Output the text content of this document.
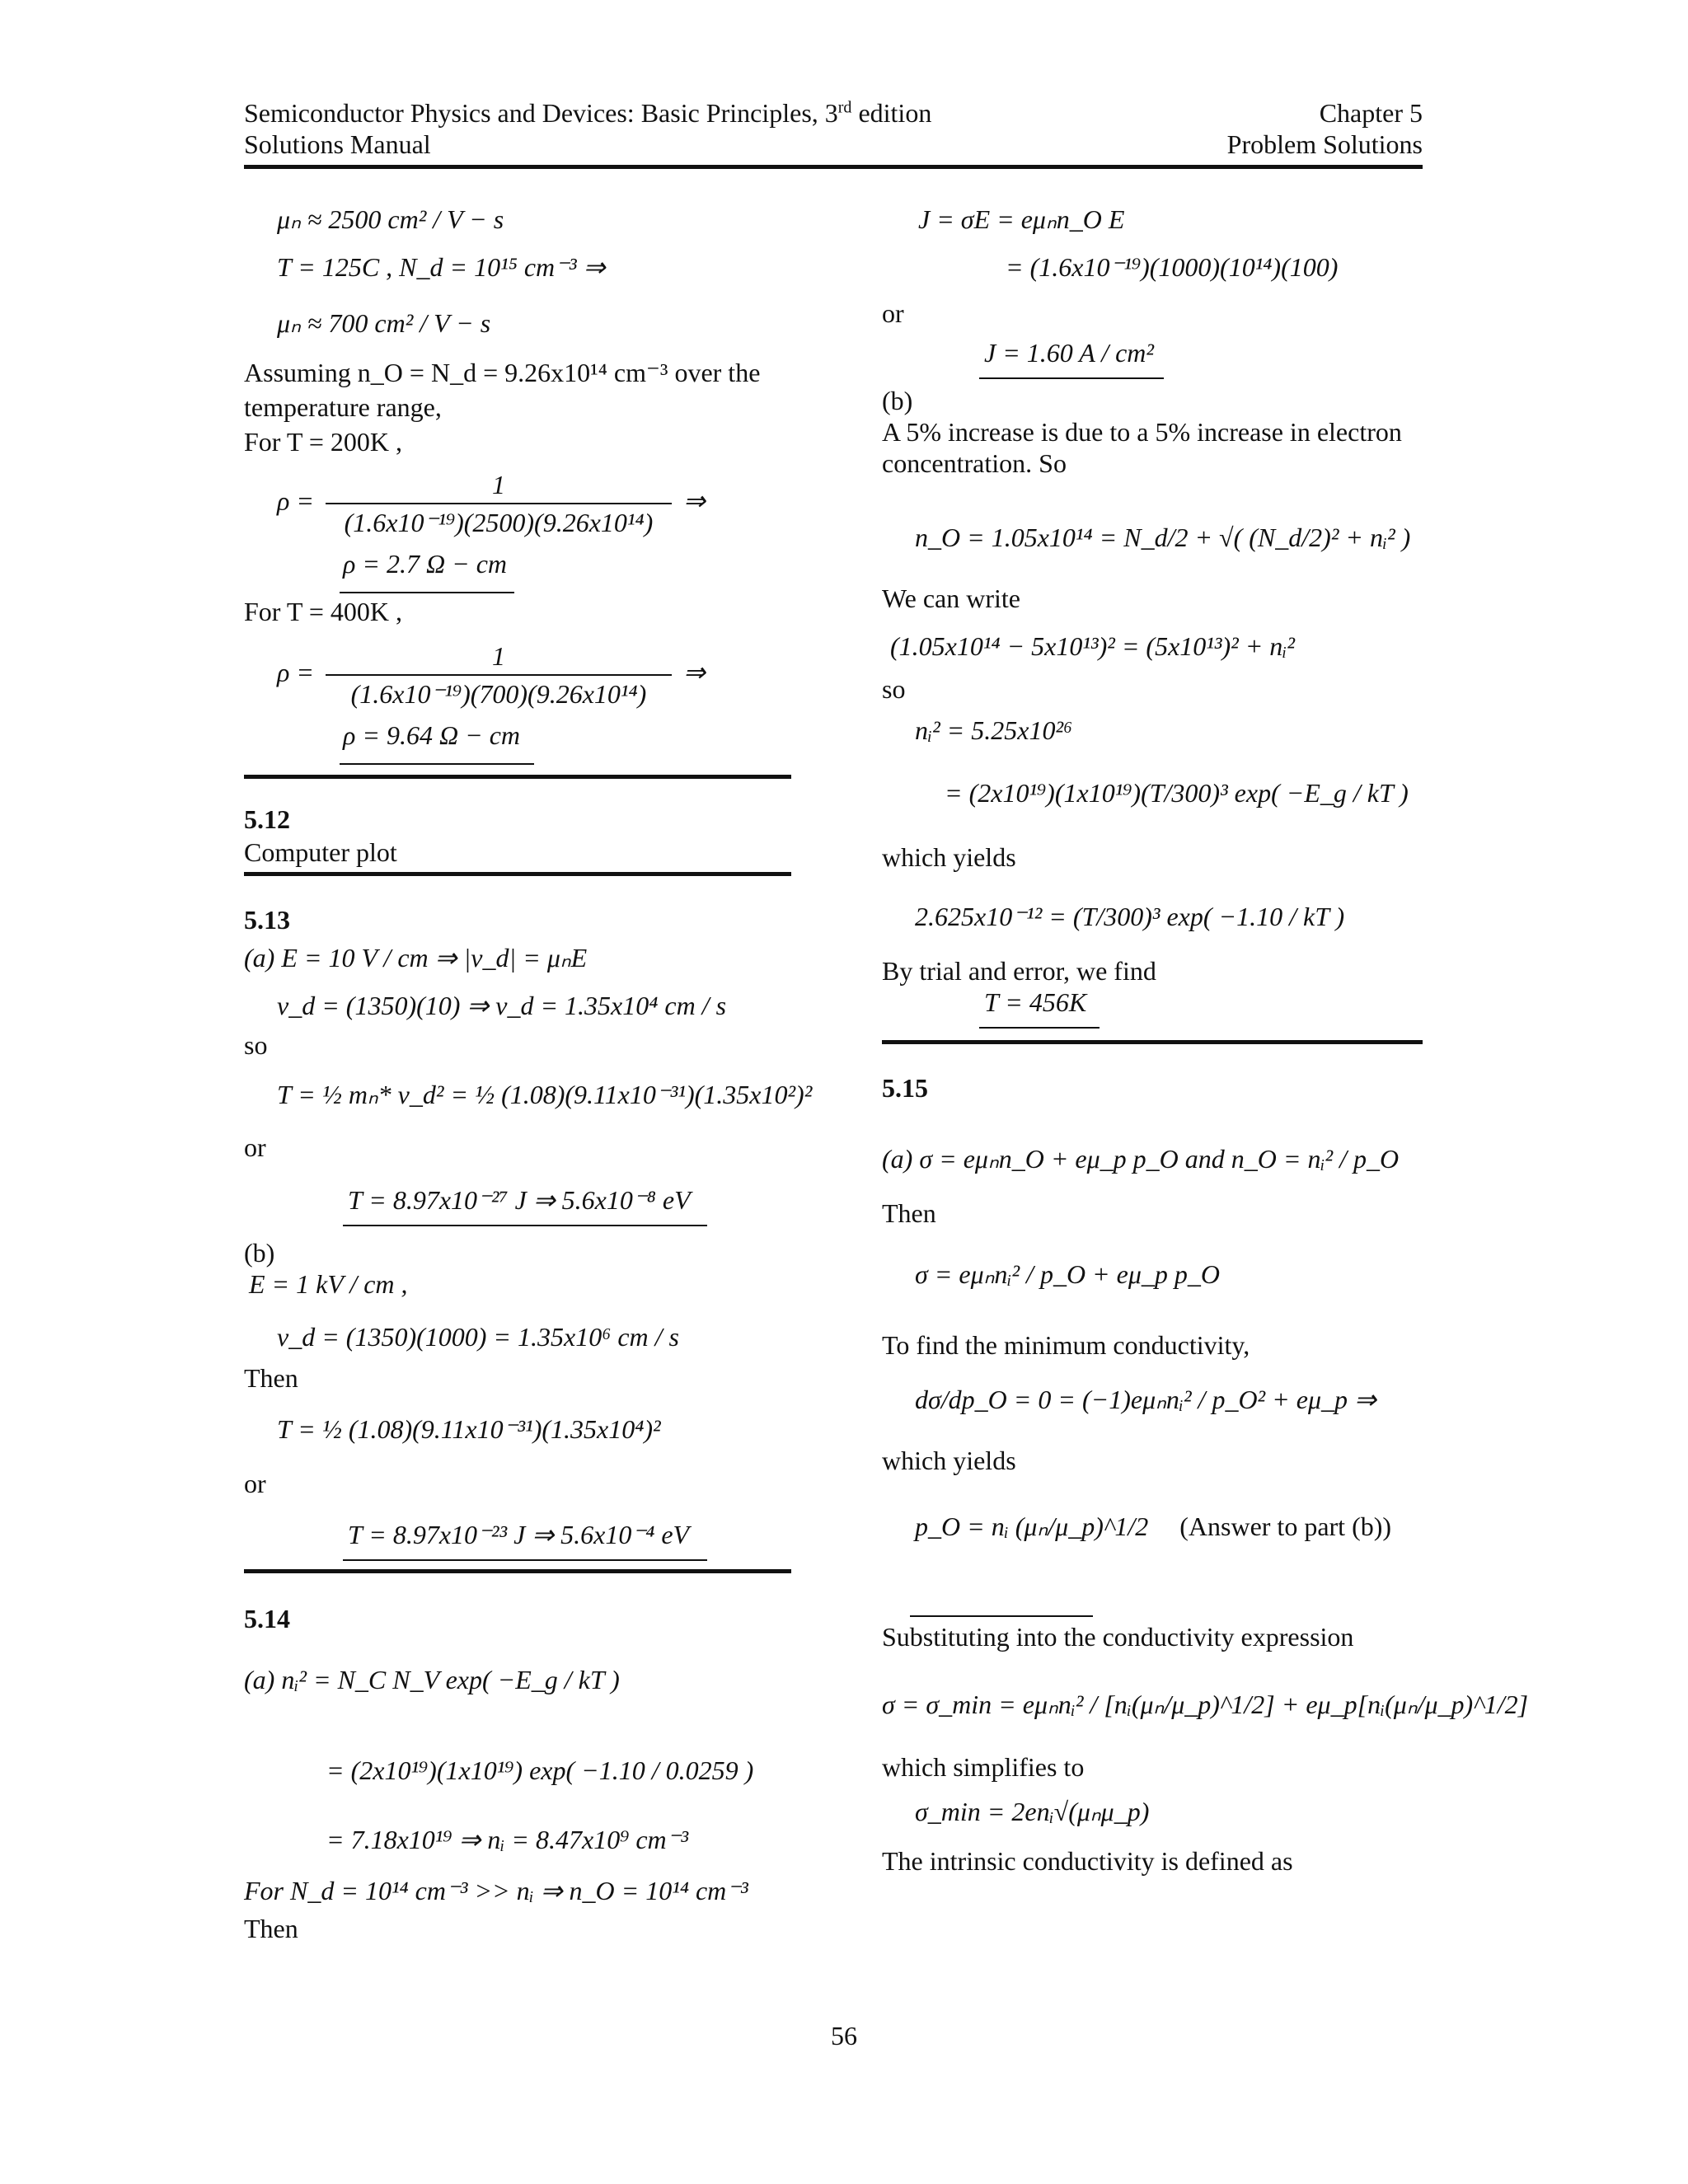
Semiconductor Physics and Devices: Basic Principles, 3rd edition
Solutions Manual
Chapter 5
Problem Solutions
μₙ ≈ 2500 cm² / V − s
T = 125C , N_d = 10¹⁵ cm⁻³ ⇒
μₙ ≈ 700 cm² / V − s
Assuming n_O = N_d = 9.26x10¹⁴ cm⁻³ over the
temperature range,
For T = 200K ,
$\rho = \frac{1}{\text{(1.6x10⁻¹⁹)(2500)(9.26x10¹⁴)}}$ ⇒
ρ = 2.7 Ω − cm
For T = 400K ,
$\rho = \frac{1}{\text{(1.6x10⁻¹⁹)(700)(9.26x10¹⁴)}}$ ⇒
ρ = 9.64 Ω − cm
5.12
Computer plot
5.13
(a) E = 10 V / cm ⇒ |v_d| = μₙE
v_d = (1350)(10) ⇒ v_d = 1.35x10⁴ cm / s
so
T = ½ mₙ* v_d² = ½ (1.08)(9.11x10⁻³¹)(1.35x10²)²
or
T = 8.97x10⁻²⁷ J ⇒ 5.6x10⁻⁸ eV
(b)
E = 1 kV / cm ,
v_d = (1350)(1000) = 1.35x10⁶ cm / s
Then
T = ½ (1.08)(9.11x10⁻³¹)(1.35x10⁴)²
or
T = 8.97x10⁻²³ J ⇒ 5.6x10⁻⁴ eV
5.14
(a) nᵢ² = N_C N_V exp( −E_g / kT )
= (2x10¹⁹)(1x10¹⁹) exp( −1.10 / 0.0259 )
= 7.18x10¹⁹ ⇒ nᵢ = 8.47x10⁹ cm⁻³
For N_d = 10¹⁴ cm⁻³ >> nᵢ ⇒ n_O = 10¹⁴ cm⁻³
Then
J = σE = eμₙn_O E
= (1.6x10⁻¹⁹)(1000)(10¹⁴)(100)
or
J = 1.60 A / cm²
(b)
A 5% increase is due to a 5% increase in electron
concentration. So
n_O = 1.05x10¹⁴ = N_d/2 + √( (N_d/2)² + nᵢ² )
We can write
(1.05x10¹⁴ − 5x10¹³)² = (5x10¹³)² + nᵢ²
so
nᵢ² = 5.25x10²⁶
= (2x10¹⁹)(1x10¹⁹)(T/300)³ exp( −E_g / kT )
which yields
2.625x10⁻¹² = (T/300)³ exp( −1.10 / kT )
By trial and error, we find
T = 456K
5.15
(a) σ = eμₙn_O + eμ_p p_O and n_O = nᵢ² / p_O
Then
σ = eμₙnᵢ² / p_O + eμ_p p_O
To find the minimum conductivity,
dσ/dp_O = 0 = (−1)eμₙnᵢ² / p_O² + eμ_p ⇒
which yields
p_O = nᵢ (μₙ/μ_p)^1/2 (Answer to part (b))
Substituting into the conductivity expression
σ = σ_min = eμₙnᵢ² / [nᵢ(μₙ/μ_p)^1/2] + eμ_p[nᵢ(μₙ/μ_p)^1/2]
which simplifies to
σ_min = 2enᵢ√(μₙμ_p)
The intrinsic conductivity is defined as
56
